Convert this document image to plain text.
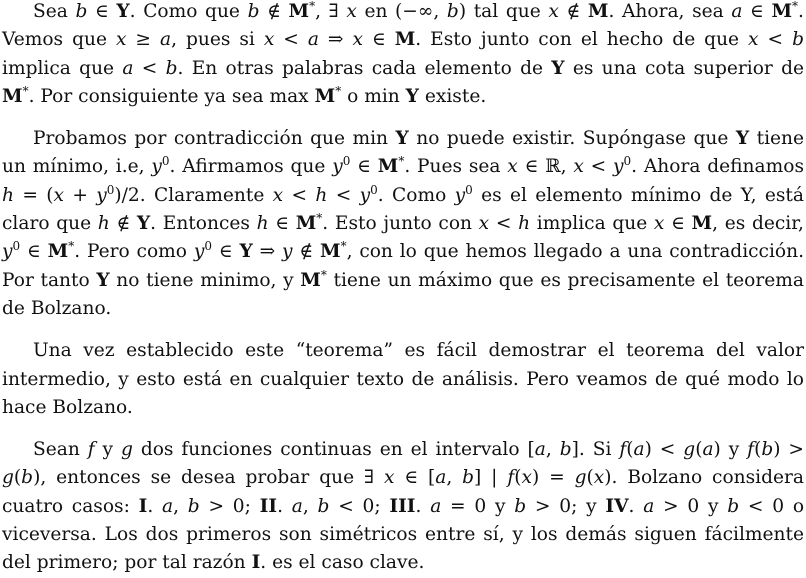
Sea b ∈ Y. Como que b ∉ M*, ∃ x en (−∞, b) tal que x ∉ M. Ahora, sea a ∈ M*. Vemos que x ≥ a, pues si x < a ⇒ x ∈ M. Esto junto con el hecho de que x < b implica que a < b. En otras palabras cada elemento de Y es una cota superior de M*. Por consiguiente ya sea max M* o min Y existe.

Probamos por contradicción que min Y no puede existir. Supóngase que Y tiene un mínimo, i.e, $y^0$. Afirmamos que $y^0$ ∈ M*. Pues sea x ∈ ℝ, $x < y^0$. Ahora definamos $h = (x + y^0)/2$. Claramente $x < h < y^0$. Como $y^0$ es el elemento mínimo de Y, está claro que h ∉ Y. Entonces h ∈ M*. Esto junto con x < h implica que x ∈ M, es decir, $y^0$ ∈ M*. Pero como $y^0$ ∈ Y ⇒ y ∉ M*, con lo que hemos llegado a una contradicción. Por tanto Y no tiene minimo, y M* tiene un máximo que es precisamente el teorema de Bolzano.

Una vez establecido este “teorema” es fácil demostrar el teorema del valor intermedio, y esto está en cualquier texto de análisis. Pero veamos de qué modo lo hace Bolzano.

Sean f y g dos funciones continuas en el intervalo [a, b]. Si f(a) < g(a) y f(b) > g(b), entonces se desea probar que ∃ x ∈ [a, b] | f(x) = g(x). Bolzano considera cuatro casos: I. a, b > 0; II. a, b < 0; III. a = 0 y b > 0; y IV. a > 0 y b < 0 o viceversa. Los dos primeros son simétricos entre sí, y los demás siguen fácilmente del primero; por tal razón I. es el caso clave.
